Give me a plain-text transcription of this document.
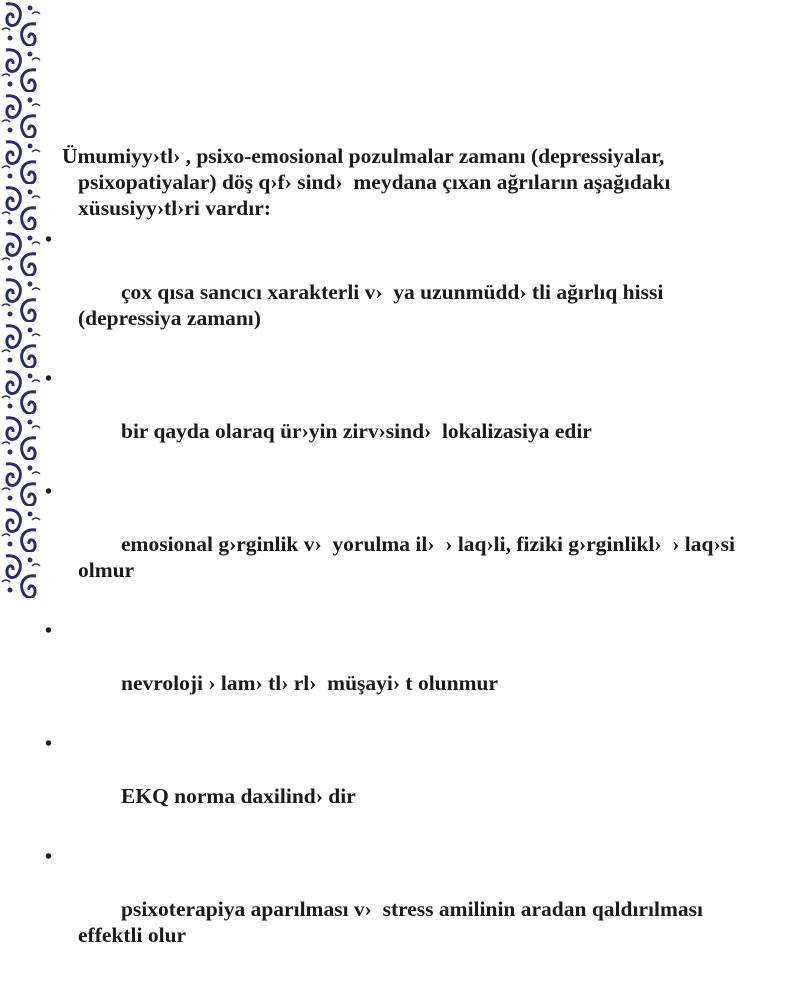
Ümumiyy›tl› , psixo-emosional pozulmalar zamanı (depressiyalar, psixopatiyalar) döş q›f› sind›  meydana çıxan ağrıların aşağıdakı xüsusiyy›tl›ri vardır:

•

çox qısa sancıcı xarakterli v›  ya uzunmüdd› tli ağırlıq hissi (depressiya zamanı)

•

bir qayda olaraq ür›yin zirv›sind›  lokalizasiya edir

•

emosional g›rginlik v›  yorulma il›  › laq›li, fiziki g›rginlikl›  › laq›si olmur

•

nevroloji › lam› tl› rl›  müşayi› t olunmur

•

EKQ norma daxilind› dir

•

psixoterapiya aparılması v›  stress amilinin aradan qaldırılması effektli olur
